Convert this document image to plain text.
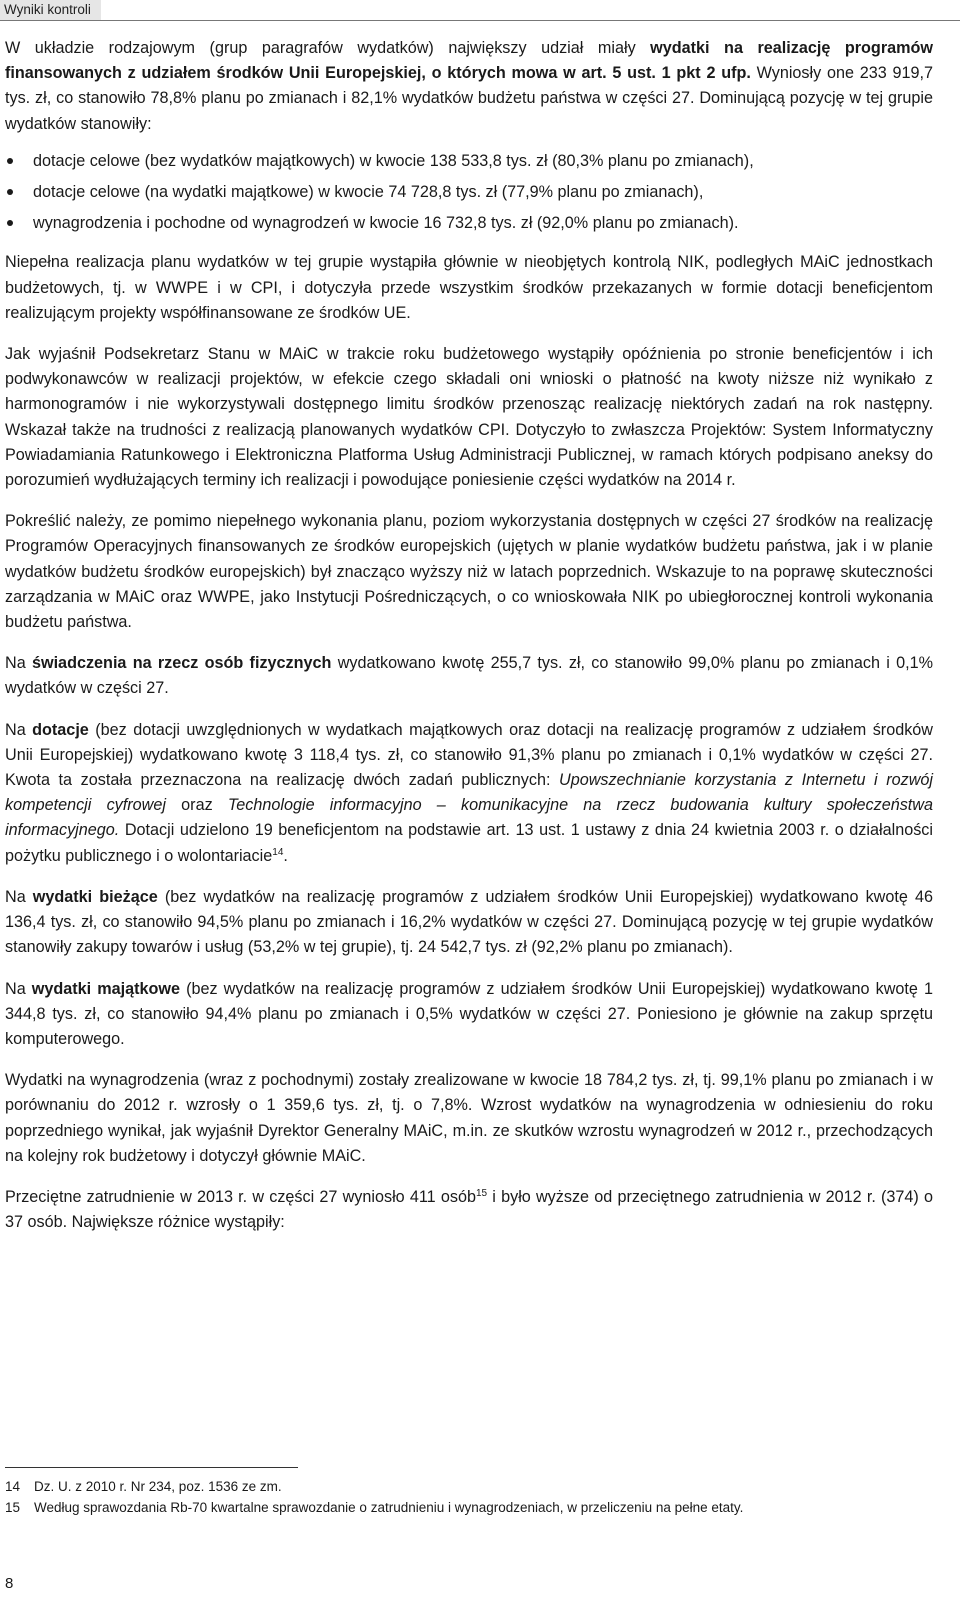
Wyniki kontroli

W układzie rodzajowym (grup paragrafów wydatków) największy udział miały wydatki na realizację programów finansowanych z udziałem środków Unii Europejskiej, o których mowa w art. 5 ust. 1 pkt 2 ufp. Wyniosły one 233 919,7 tys. zł, co stanowiło 78,8% planu po zmianach i 82,1% wydatków budżetu państwa w części 27. Dominującą pozycję w tej grupie wydatków stanowiły:

dotacje celowe (bez wydatków majątkowych) w kwocie 138 533,8 tys. zł (80,3% planu po zmianach),
dotacje celowe (na wydatki majątkowe) w kwocie 74 728,8 tys. zł (77,9% planu po zmianach),
wynagrodzenia i pochodne od wynagrodzeń w kwocie 16 732,8 tys. zł (92,0% planu po zmianach).

Niepełna realizacja planu wydatków w tej grupie wystąpiła głównie w nieobjętych kontrolą NIK, podległych MAiC jednostkach budżetowych, tj. w WWPE i w CPI, i dotyczyła przede wszystkim środków przekazanych w formie dotacji beneficjentom realizującym projekty współfinansowane ze środków UE.

Jak wyjaśnił Podsekretarz Stanu w MAiC w trakcie roku budżetowego wystąpiły opóźnienia po stronie beneficjentów i ich podwykonawców w realizacji projektów, w efekcie czego składali oni wnioski o płatność na kwoty niższe niż wynikało z harmonogramów i nie wykorzystywali dostępnego limitu środków przenosząc realizację niektórych zadań na rok następny. Wskazał także na trudności z realizacją planowanych wydatków CPI. Dotyczyło to zwłaszcza Projektów: System Informatyczny Powiadamiania Ratunkowego i Elektroniczna Platforma Usług Administracji Publicznej, w ramach których podpisano aneksy do porozumień wydłużających terminy ich realizacji i powodujące poniesienie części wydatków na 2014 r.

Pokreślić należy, ze pomimo niepełnego wykonania planu, poziom wykorzystania dostępnych w części 27 środków na realizację Programów Operacyjnych finansowanych ze środków europejskich (ujętych w planie wydatków budżetu państwa, jak i w planie wydatków budżetu środków europejskich) był znacząco wyższy niż w latach poprzednich. Wskazuje to na poprawę skuteczności zarządzania w MAiC oraz WWPE, jako Instytucji Pośredniczących, o co wnioskowała NIK po ubiegłorocznej kontroli wykonania budżetu państwa.

Na świadczenia na rzecz osób fizycznych wydatkowano kwotę 255,7 tys. zł, co stanowiło 99,0% planu po zmianach i 0,1% wydatków w części 27.

Na dotacje (bez dotacji uwzględnionych w wydatkach majątkowych oraz dotacji na realizację programów z udziałem środków Unii Europejskiej) wydatkowano kwotę 3 118,4 tys. zł, co stanowiło 91,3% planu po zmianach i 0,1% wydatków w części 27. Kwota ta została przeznaczona na realizację dwóch zadań publicznych: Upowszechnianie korzystania z Internetu i rozwój kompetencji cyfrowej oraz Technologie informacyjno – komunikacyjne na rzecz budowania kultury społeczeństwa informacyjnego. Dotacji udzielono 19 beneficjentom na podstawie art. 13 ust. 1 ustawy z dnia 24 kwietnia 2003 r. o działalności pożytku publicznego i o wolontariacie$^{14}$.

Na wydatki bieżące (bez wydatków na realizację programów z udziałem środków Unii Europejskiej) wydatkowano kwotę 46 136,4 tys. zł, co stanowiło 94,5% planu po zmianach i 16,2% wydatków w części 27. Dominującą pozycję w tej grupie wydatków stanowiły zakupy towarów i usług (53,2% w tej grupie), tj. 24 542,7 tys. zł (92,2% planu po zmianach).

Na wydatki majątkowe (bez wydatków na realizację programów z udziałem środków Unii Europejskiej) wydatkowano kwotę 1 344,8 tys. zł, co stanowiło 94,4% planu po zmianach i 0,5% wydatków w części 27. Poniesiono je głównie na zakup sprzętu komputerowego.

Wydatki na wynagrodzenia (wraz z pochodnymi) zostały zrealizowane w kwocie 18 784,2 tys. zł, tj. 99,1% planu po zmianach i w porównaniu do 2012 r. wzrosły o 1 359,6 tys. zł, tj. o 7,8%. Wzrost wydatków na wynagrodzenia w odniesieniu do roku poprzedniego wynikał, jak wyjaśnił Dyrektor Generalny MAiC, m.in. ze skutków wzrostu wynagrodzeń w 2012 r., przechodzących na kolejny rok budżetowy i dotyczył głównie MAiC.

Przeciętne zatrudnienie w 2013 r. w części 27 wyniosło 411 osób$^{15}$ i było wyższe od przeciętnego zatrudnienia w 2012 r. (374) o 37 osób. Największe różnice wystąpiły:

14	Dz. U. z 2010 r. Nr 234, poz. 1536 ze zm.
15	Według sprawozdania Rb-70 kwartalne sprawozdanie o zatrudnieniu i wynagrodzeniach, w przeliczeniu na pełne etaty.
8
